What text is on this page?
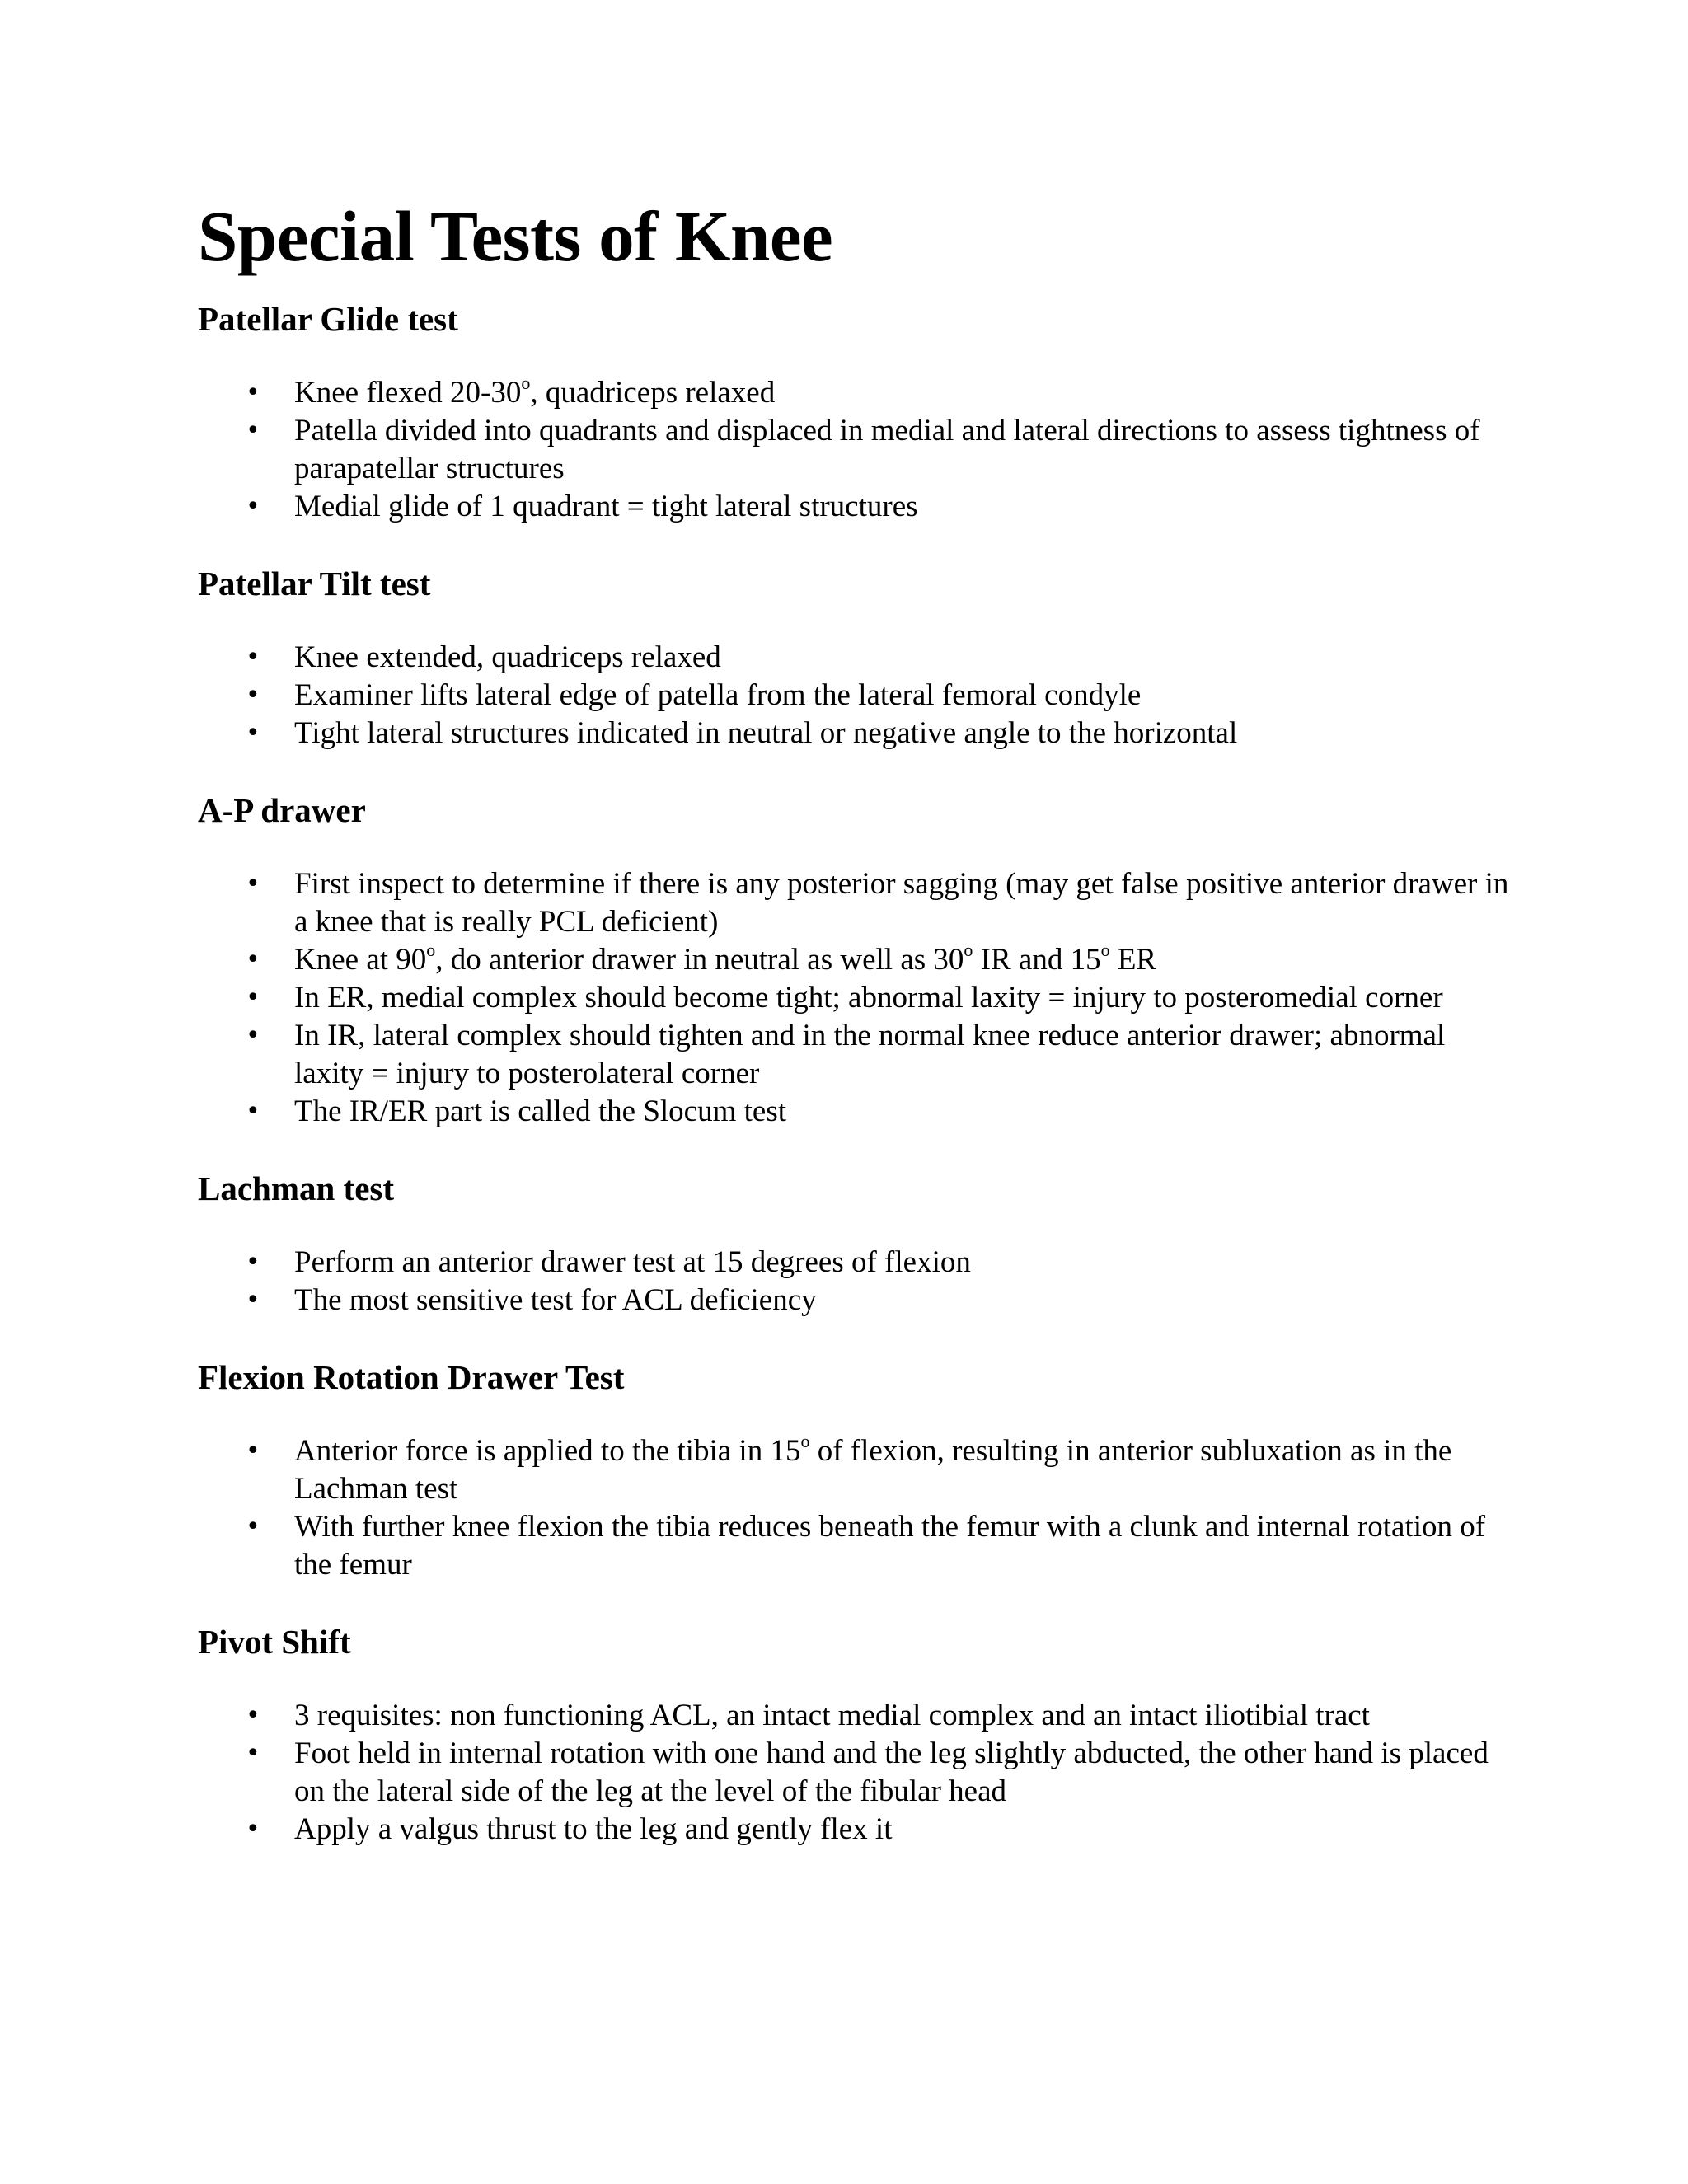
Special Tests of Knee
Patellar Glide test
• Knee flexed 20-30$^o$, quadriceps relaxed
• Patella divided into quadrants and displaced in medial and lateral directions to assess tightness of parapatellar structures
• Medial glide of 1 quadrant = tight lateral structures
Patellar Tilt test
• Knee extended, quadriceps relaxed
• Examiner lifts lateral edge of patella from the lateral femoral condyle
• Tight lateral structures indicated in neutral or negative angle to the horizontal
A-P drawer
• First inspect to determine if there is any posterior sagging (may get false positive anterior drawer in a knee that is really PCL deficient)
• Knee at 90$^o$, do anterior drawer in neutral as well as 30$^o$ IR and 15$^o$ ER
• In ER, medial complex should become tight; abnormal laxity = injury to posteromedial corner
• In IR, lateral complex should tighten and in the normal knee reduce anterior drawer; abnormal laxity = injury to posterolateral corner
• The IR/ER part is called the Slocum test
Lachman test
• Perform an anterior drawer test at 15 degrees of flexion
• The most sensitive test for ACL deficiency
Flexion Rotation Drawer Test
• Anterior force is applied to the tibia in 15$^o$ of flexion, resulting in anterior subluxation as in the Lachman test
• With further knee flexion the tibia reduces beneath the femur with a clunk and internal rotation of the femur
Pivot Shift
• 3 requisites: non functioning ACL, an intact medial complex and an intact iliotibial tract
• Foot held in internal rotation with one hand and the leg slightly abducted, the other hand is placed on the lateral side of the leg at the level of the fibular head
• Apply a valgus thrust to the leg and gently flex it
